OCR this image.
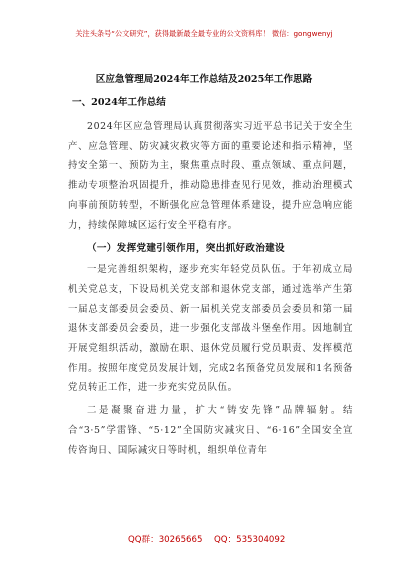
关注头条号“公文研究”，获得最新最全最专业的公文资料库！ 微信：gongwenyj
区应急管理局2024年工作总结及2025年工作思路
一、2024年工作总结

2024年区应急管理局认真贯彻落实习近平总书记关于安全生产、应急管理、防灾减灾救灾等方面的重要论述和指示精神，坚持安全第一、预防为主，聚焦重点时段、重点领域、重点问题，推动专项整治巩固提升，推动隐患排查见行见效，推动治理模式向事前预防转型，不断强化应急管理体系建设，提升应急响应能力，持续保障城区运行安全平稳有序。

（一）发挥党建引领作用，突出抓好政治建设

一是完善组织架构，逐步充实年轻党员队伍。于年初成立局机关党总支，下设局机关党支部和退休党支部，通过选举产生第一届总支部委员会委员、新一届机关党支部委员会委员和第一届退休支部委员会委员，进一步强化支部战斗堡垒作用。因地制宜开展党组织活动，激励在职、退休党员履行党员职责、发挥模范作用。按照年度党员发展计划，完成2名预备党员发展和1名预备党员转正工作，进一步充实党员队伍。

二是凝聚奋进力量，扩大“铸安先锋”品牌辐射。结合“3·5”学雷锋、“5·12”全国防灾减灾日、“6·16”全国安全宣传咨询日、国际减灾日等时机，组织单位青年

QQ群：30265665 QQ：535304092
